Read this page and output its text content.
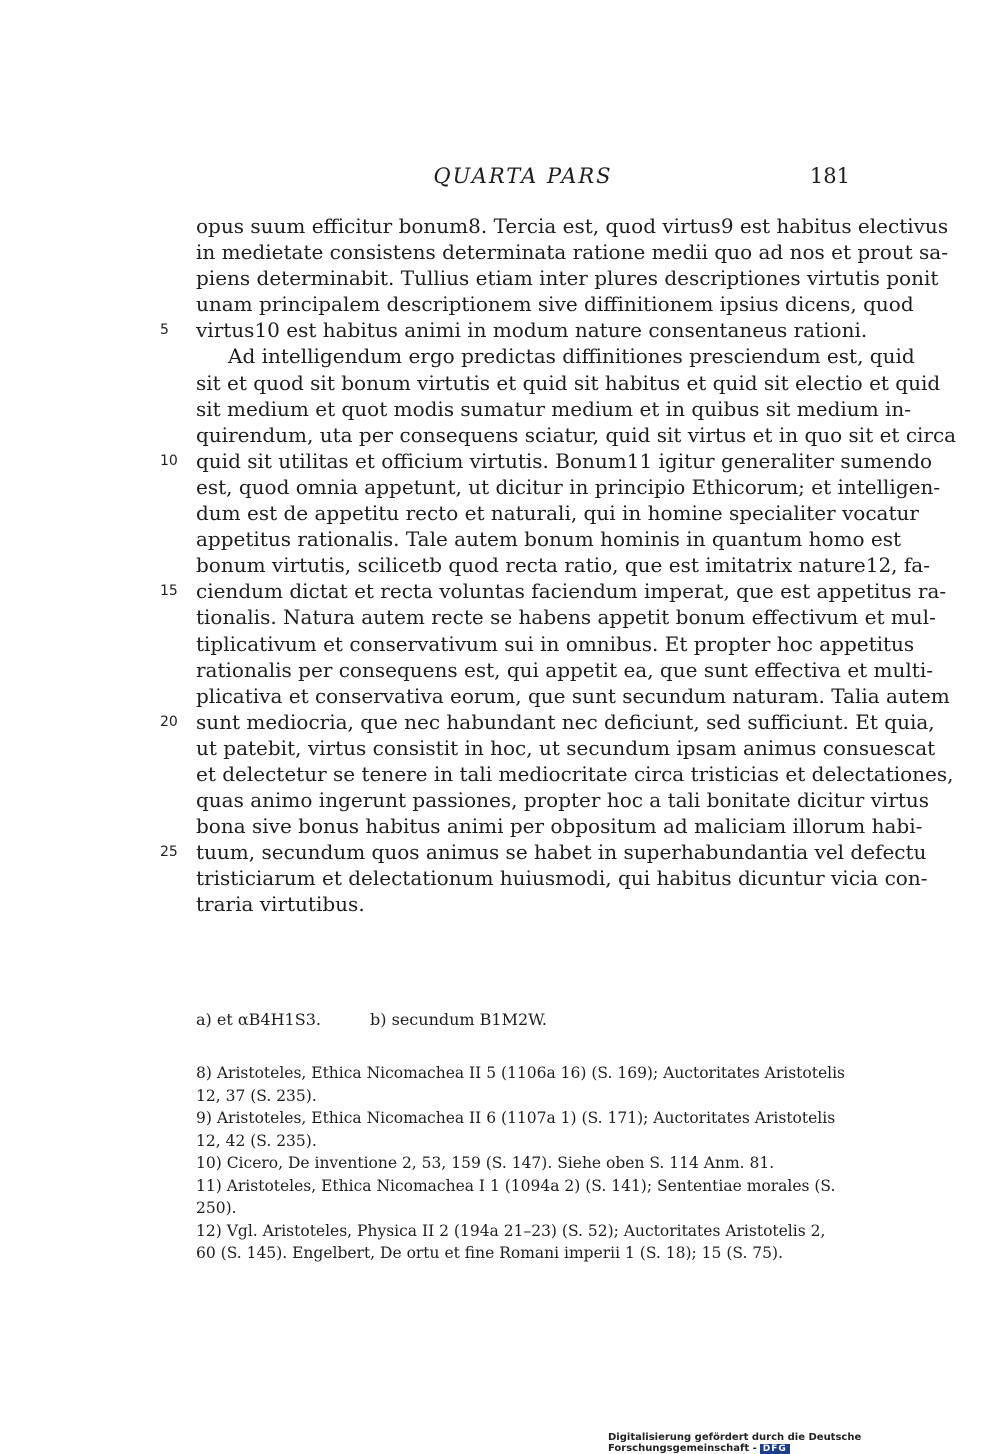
QUARTA PARS	181
opus suum efficitur bonum8. Tercia est, quod virtus9 est habitus electivus
in medietate consistens determinata ratione medii quo ad nos et prout sa-
piens determinabit. Tullius etiam inter plures descriptiones virtutis ponit
unam principalem descriptionem sive diffinitionem ipsius dicens, quod
5 virtus10 est habitus animi in modum nature consentaneus rationi.
Ad intelligendum ergo predictas diffinitiones presciendum est, quid
sit et quod sit bonum virtutis et quid sit habitus et quid sit electio et quid
sit medium et quot modis sumatur medium et in quibus sit medium in-
quirendum, uta per consequens sciatur, quid sit virtus et in quo sit et circa
10 quid sit utilitas et officium virtutis. Bonum11 igitur generaliter sumendo
est, quod omnia appetunt, ut dicitur in principio Ethicorum; et intelligen-
dum est de appetitu recto et naturali, qui in homine specialiter vocatur
appetitus rationalis. Tale autem bonum hominis in quantum homo est
bonum virtutis, scilicetb quod recta ratio, que est imitatrix nature12, fa-
15 ciendum dictat et recta voluntas faciendum imperat, que est appetitus ra-
tionalis. Natura autem recte se habens appetit bonum effectivum et mul-
tiplicativum et conservativum sui in omnibus. Et propter hoc appetitus
rationalis per consequens est, qui appetit ea, que sunt effectiva et multi-
plicativa et conservativa eorum, que sunt secundum naturam. Talia autem
20 sunt mediocria, que nec habundant nec deficiunt, sed sufficiunt. Et quia,
ut patebit, virtus consistit in hoc, ut secundum ipsam animus consuescat
et delectetur se tenere in tali mediocritate circa tristicias et delectationes,
quas animo ingerunt passiones, propter hoc a tali bonitate dicitur virtus
bona sive bonus habitus animi per obpositum ad maliciam illorum habi-
25 tuum, secundum quos animus se habet in superhabundantia vel defectu
tristiciarum et delectationum huiusmodi, qui habitus dicuntur vicia con-
traria virtutibus.
a) et αB4H1S3.	b) secundum B1M2W.
8) Aristoteles, Ethica Nicomachea II 5 (1106a 16) (S. 169); Auctoritates Aristotelis 12, 37 (S. 235).
9) Aristoteles, Ethica Nicomachea II 6 (1107a 1) (S. 171); Auctoritates Aristotelis 12, 42 (S. 235).
10) Cicero, De inventione 2, 53, 159 (S. 147). Siehe oben S. 114 Anm. 81.
11) Aristoteles, Ethica Nicomachea I 1 (1094a 2) (S. 141); Sententiae morales (S. 250).
12) Vgl. Aristoteles, Physica II 2 (194a 21–23) (S. 52); Auctoritates Aristotelis 2, 60 (S. 145). Engelbert, De ortu et fine Romani imperii 1 (S. 18); 15 (S. 75).
Digitalisierung gefördert durch die Deutsche Forschungsgemeinschaft - DFG
